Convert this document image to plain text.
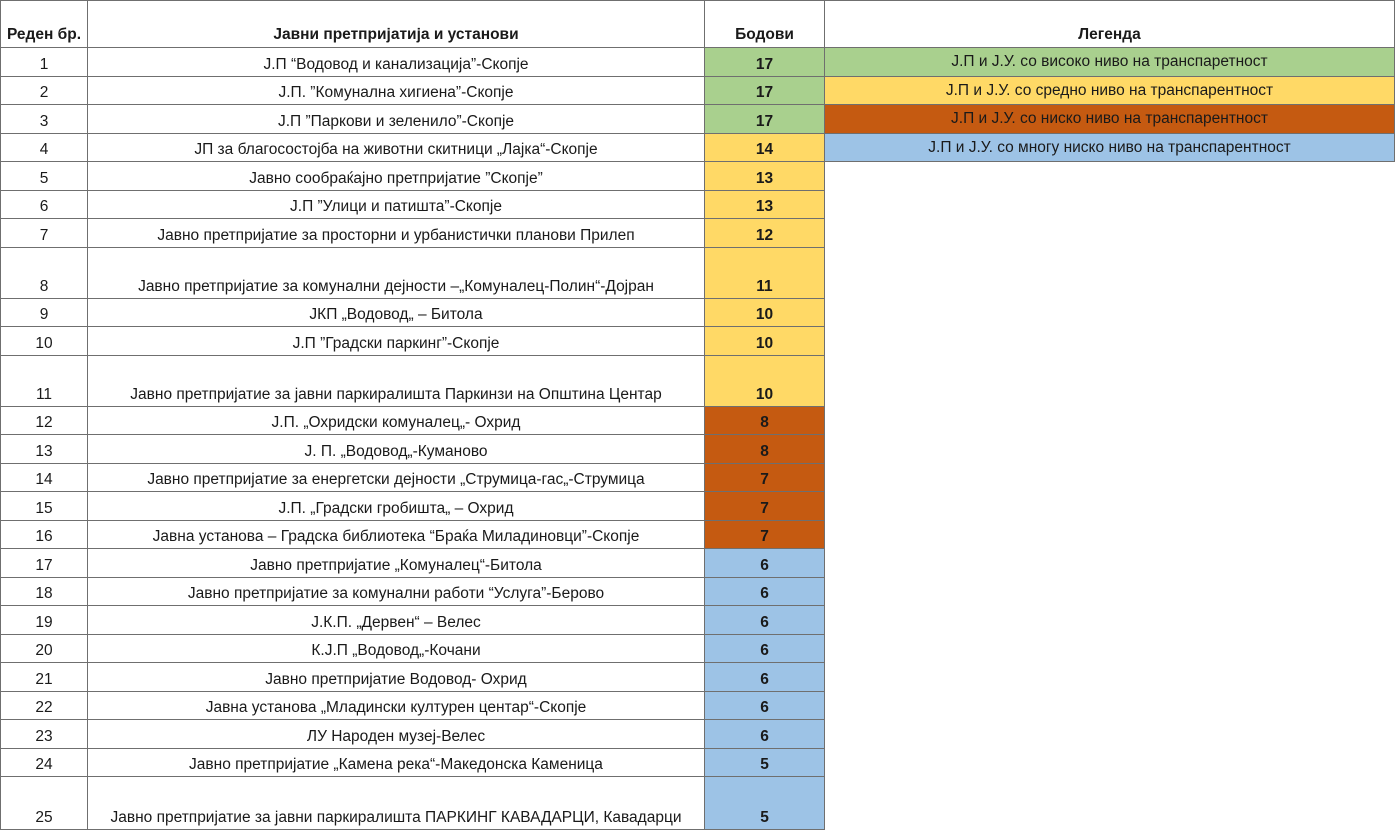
Реден бр.	Јавни претпријатија и установи	Бодови
1	Ј.П “Водовод и канализација”-Скопје	17
2	Ј.П. ”Комунална хигиена”-Скопје	17
3	Ј.П ”Паркови и зеленило”-Скопје	17
4	ЈП за благосостојба на животни скитници „Лајка“-Скопје	14
5	Јавно сообраќајно претпријатие ”Скопје”	13
6	Ј.П ”Улици и патишта”-Скопје	13
7	Јавно претпријатие за просторни и урбанистички планови Прилеп	12
8	Јавно претпријатие за комунални дејности –„Комуналец-Полин“-Дојран	11
9	ЈКП „Водовод„ – Битола	10
10	Ј.П ”Градски паркинг”-Скопје	10
11	Јавно претпријатие за јавни паркиралишта Паркинзи на Општина Центар	10
12	Ј.П. „Охридски комуналец„- Охрид	8
13	Ј. П. „Водовод„-Куманово	8
14	Јавно претпријатие за енергетски дејности „Струмица-гас„-Струмица	7
15	Ј.П. „Градски гробишта„ – Охрид	7
16	Јавна установа – Градска библиотека “Браќа Миладиновци”-Скопје	7
17	Јавно претпријатие „Комуналец“-Битола	6
18	Јавно претпријатие за комунални работи “Услуга”-Берово	6
19	Ј.К.П. „Дервен“ – Велес	6
20	К.Ј.П „Водовод„-Кочани	6
21	Јавно претпријатие Водовод- Охрид	6
22	Јавна установа „Младински културен центар“-Скопје	6
23	ЛУ Народен музеј-Велес	6
24	Јавно претпријатие „Камена река“-Македонска Каменица	5
25	Јавно претпријатие за јавни паркиралишта ПАРКИНГ КАВАДАРЦИ, Кавадарци	5
Легенда
Ј.П и Ј.У. со високо ниво на транспаретност
Ј.П и Ј.У. со средно ниво на транспарентност
Ј.П и Ј.У. со ниско ниво на транспарентност
Ј.П и Ј.У. со многу ниско ниво на транспарентност
